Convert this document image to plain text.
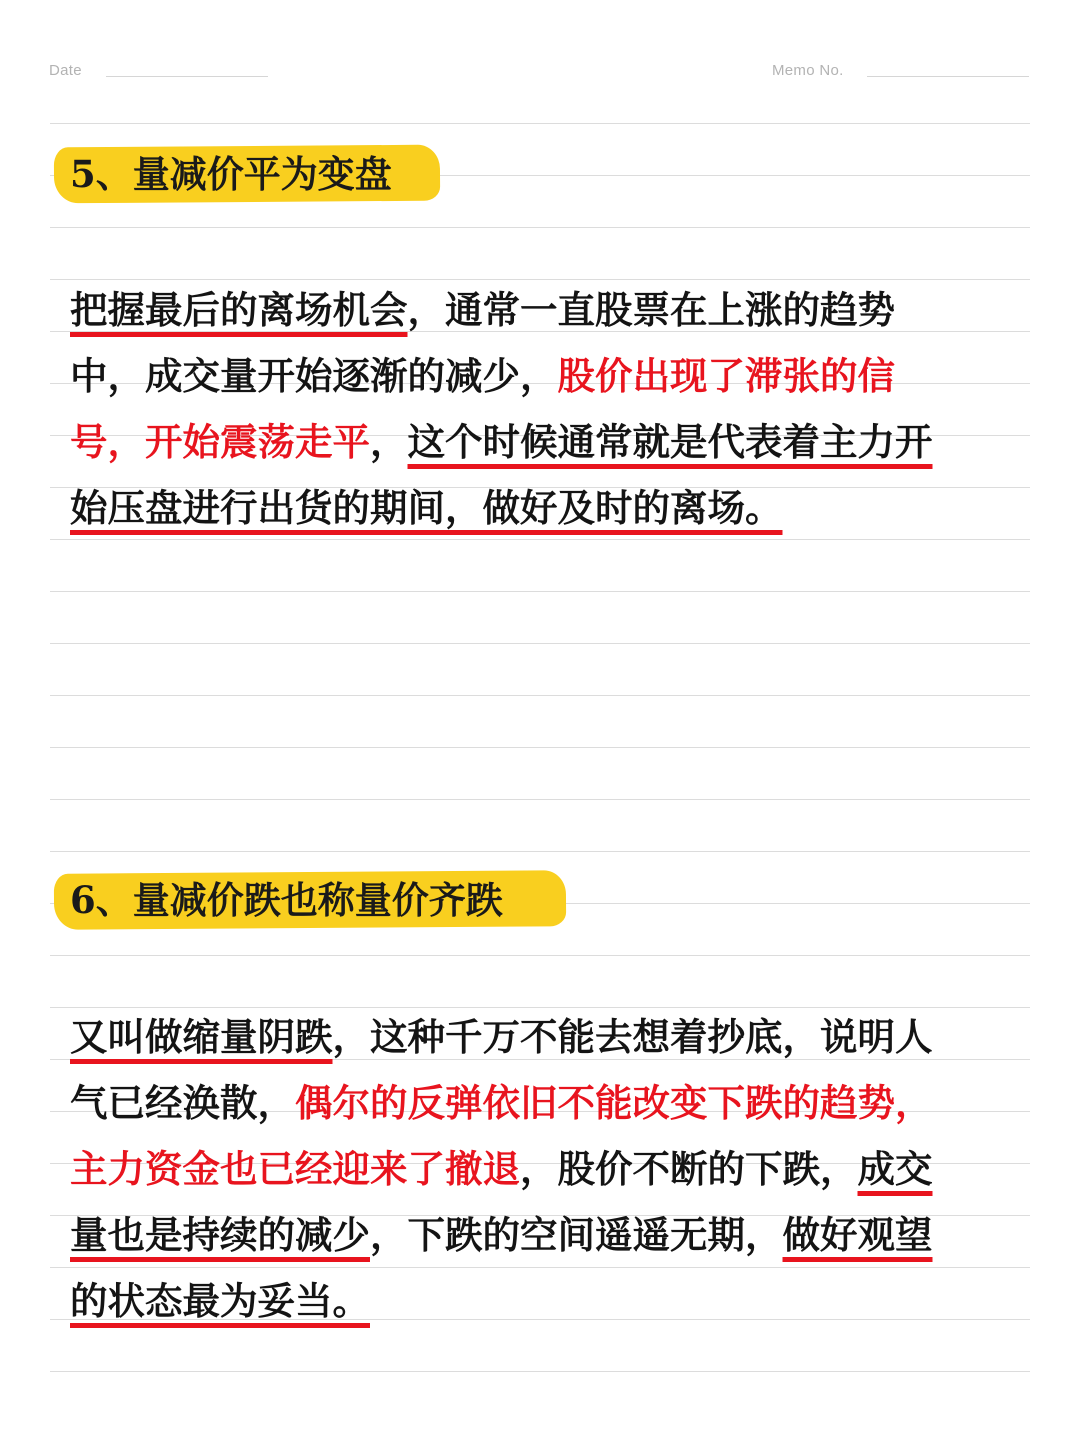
Date	Memo No.
5、量减价平为变盘
把握最后的离场机会，通常一直股票在上涨的趋势
中，成交量开始逐渐的减少，股价出现了滞张的信
号，开始震荡走平，这个时候通常就是代表着主力开
始压盘进行出货的期间，做好及时的离场。
6、量减价跌也称量价齐跌
又叫做缩量阴跌，这种千万不能去想着抄底，说明人
气已经涣散，偶尔的反弹依旧不能改变下跌的趋势，
主力资金也已经迎来了撤退，股价不断的下跌，成交
量也是持续的减少，下跌的空间遥遥无期，做好观望
的状态最为妥当。
